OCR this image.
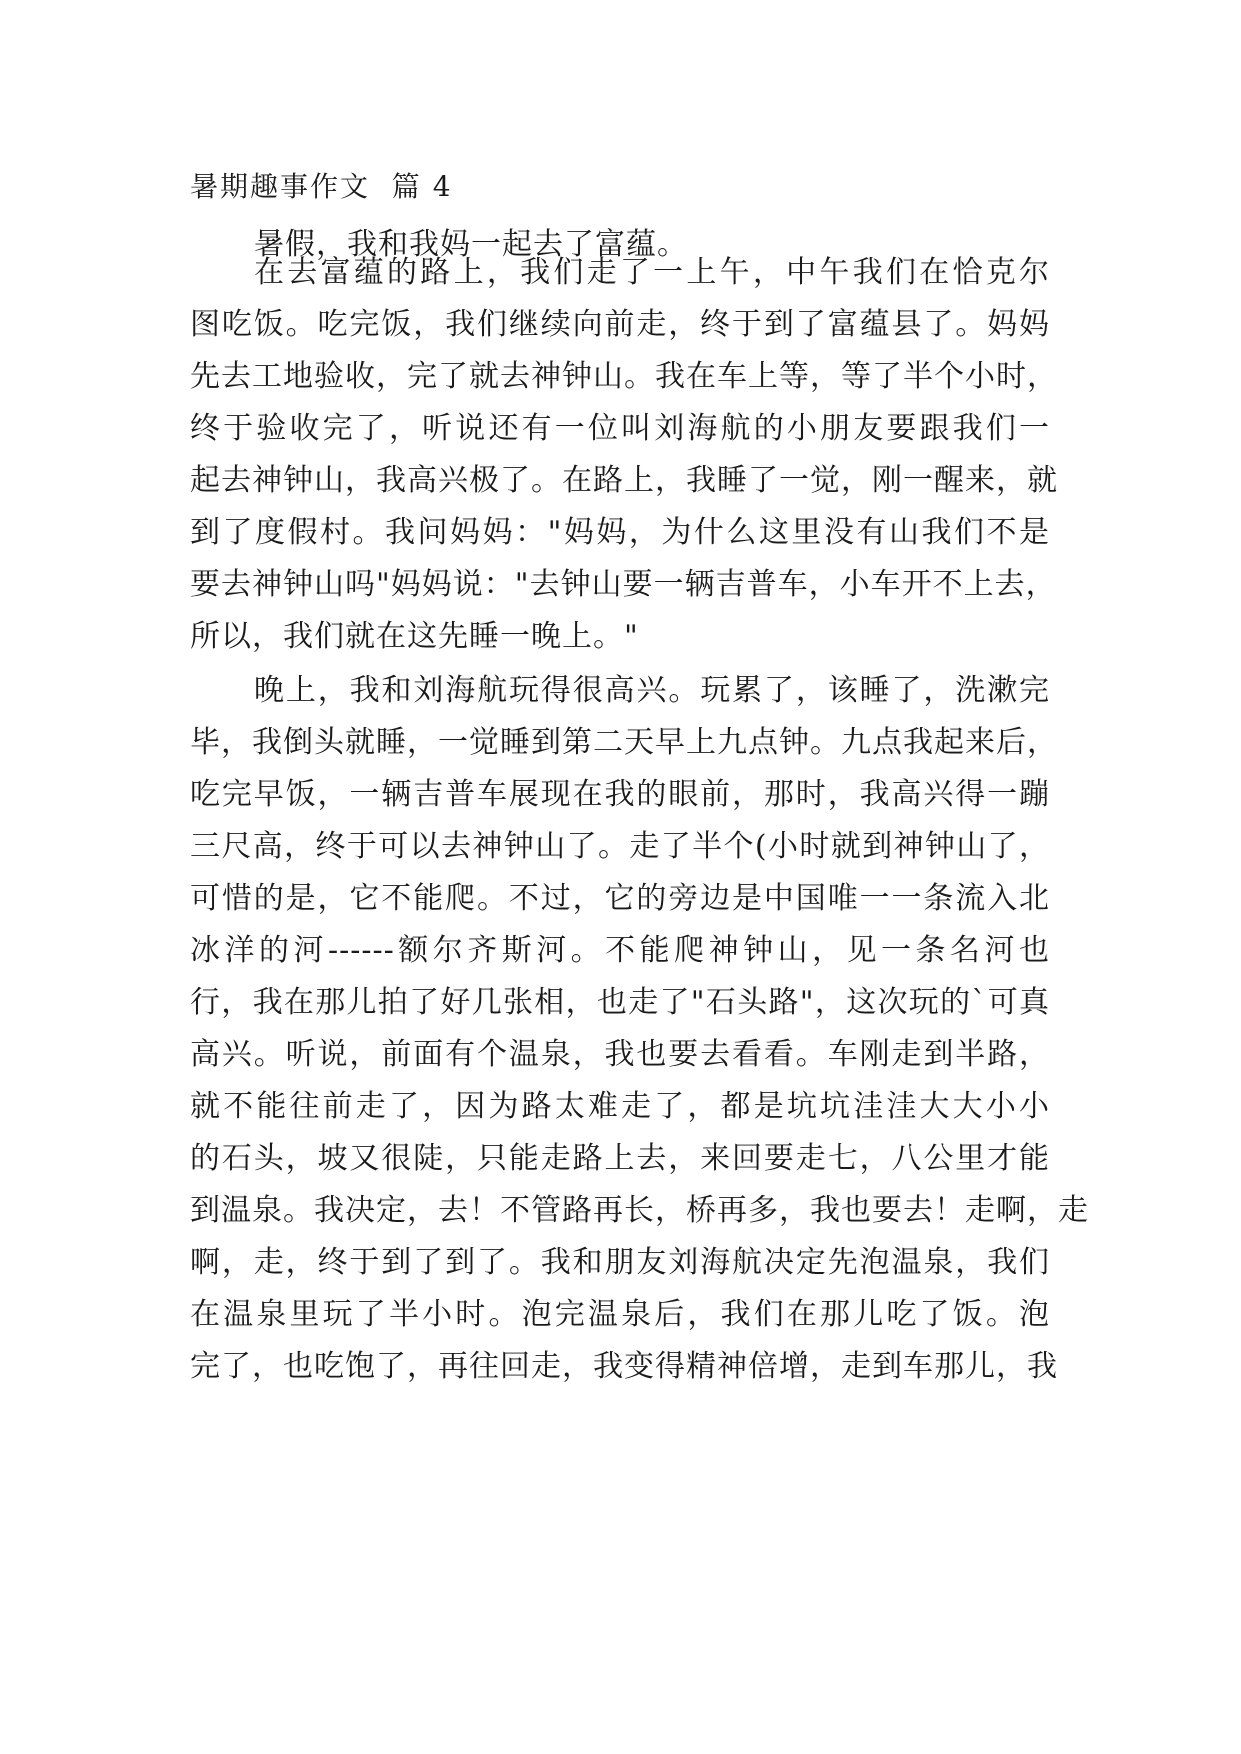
暑期趣事作文  篇 4
暑假，我和我妈一起去了富蕴。
在去富蕴的路上，我们走了一上午，中午我们在恰克尔
图吃饭。吃完饭，我们继续向前走，终于到了富蕴县了。妈妈
先去工地验收，完了就去神钟山。我在车上等，等了半个小时，
终于验收完了，听说还有一位叫刘海航的小朋友要跟我们一
起去神钟山，我高兴极了。在路上，我睡了一觉，刚一醒来，就
到了度假村。我问妈妈："妈妈，为什么这里没有山我们不是
要去神钟山吗"妈妈说："去钟山要一辆吉普车，小车开不上去，
所以，我们就在这先睡一晚上。"
晚上，我和刘海航玩得很高兴。玩累了，该睡了，洗漱完
毕，我倒头就睡，一觉睡到第二天早上九点钟。九点我起来后，
吃完早饭，一辆吉普车展现在我的眼前，那时，我高兴得一蹦
三尺高，终于可以去神钟山了。走了半个(小时就到神钟山了，
可惜的是，它不能爬。不过，它的旁边是中国唯一一条流入北
冰洋的河------额尔齐斯河。不能爬神钟山，见一条名河也
行，我在那儿拍了好几张相，也走了"石头路"，这次玩的`可真
高兴。听说，前面有个温泉，我也要去看看。车刚走到半路，
就不能往前走了，因为路太难走了，都是坑坑洼洼大大小小
的石头，坡又很陡，只能走路上去，来回要走七，八公里才能
到温泉。我决定，去！不管路再长，桥再多，我也要去！走啊，走
啊，走，终于到了到了。我和朋友刘海航决定先泡温泉，我们
在温泉里玩了半小时。泡完温泉后，我们在那儿吃了饭。泡
完了，也吃饱了，再往回走，我变得精神倍增，走到车那儿，我
